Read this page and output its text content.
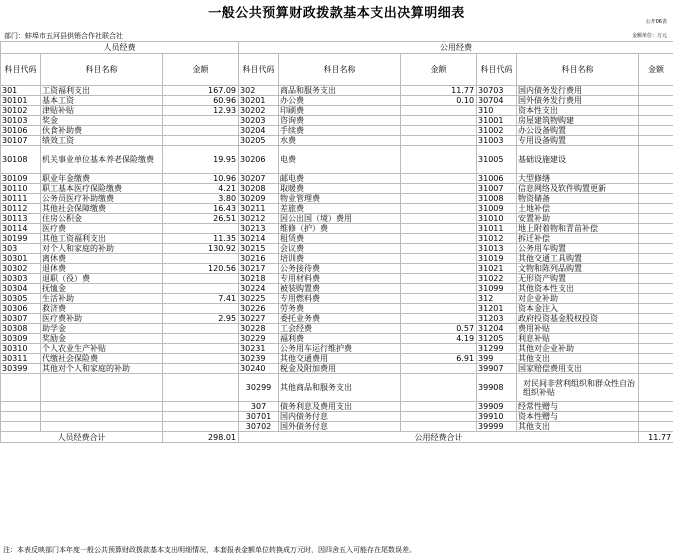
一般公共预算财政拨款基本支出决算明细表
公开06表
部门：蚌埠市五河县供销合作社联合社	金额单位：万元
人员经费			公用经费					
科目代码	科目名称	金额	科目代码	科目名称	金额	科目代码	科目名称	金额
301	工资福利支出	167.09	302	商品和服务支出	11.77	30703	国内债务发行费用	
30101	基本工资	60.96	30201	办公费	0.10	30704	国外债务发行费用	
30102	津贴补贴	12.93	30202	印刷费		310	资本性支出	
30103	奖金		30203	咨询费		31001	房屋建筑物购建	
30106	伙食补助费		30204	手续费		31002	办公设备购置	
30107	绩效工资		30205	水费		31003	专用设备购置	
30108	机关事业单位基本养老保险缴费	19.95	30206	电费		31005	基础设施建设	
30109	职业年金缴费	10.96	30207	邮电费		31006	大型修缮	
30110	职工基本医疗保险缴费	4.21	30208	取暖费		31007	信息网络及软件购置更新	
30111	公务员医疗补助缴费	3.80	30209	物业管理费		31008	物资储备	
30112	其他社会保障缴费	16.43	30211	差旅费		31009	土地补偿	
30113	住房公积金	26.51	30212	因公出国（境）费用		31010	安置补助	
30114	医疗费		30213	维修（护）费		31011	地上附着物和青苗补偿	
30199	其他工资福利支出	11.35	30214	租赁费		31012	拆迁补偿	
303	对个人和家庭的补助	130.92	30215	会议费		31013	公务用车购置	
30301	离休费		30216	培训费		31019	其他交通工具购置	
30302	退休费	120.56	30217	公务接待费		31021	文物和陈列品购置	
30303	退职（役）费		30218	专用材料费		31022	无形资产购置	
30304	抚恤金		30224	被装购置费		31099	其他资本性支出	
30305	生活补助	7.41	30225	专用燃料费		312	对企业补助	
30306	救济费		30226	劳务费		31201	资本金注入	
30307	医疗费补助	2.95	30227	委托业务费		31203	政府投资基金股权投资	
30308	助学金		30228	工会经费	0.57	31204	费用补贴	
30309	奖励金		30229	福利费	4.19	31205	利息补贴	
30310	个人农业生产补贴		30231	公务用车运行维护费		31299	其他对企业补助	
30311	代缴社会保险费		30239	其他交通费用	6.91	399	其他支出	
30399	其他对个人和家庭的补助		30240	税金及附加费用		39907	国家赔偿费用支出	
			30299	其他商品和服务支出		39908	对民间非营利组织和群众性自治组织补贴	
			307	债务利息及费用支出		39909	经常性赠与	
			30701	国内债务付息		39910	资本性赠与	
			30702	国外债务付息		39999	其他支出	
人员经费合计		298.01	公用经费合计					11.77
注：本表反映部门本年度一般公共预算财政拨款基本支出明细情况，本套报表金额单位转换成万元时，因四舍五入可能存在尾数误差。
